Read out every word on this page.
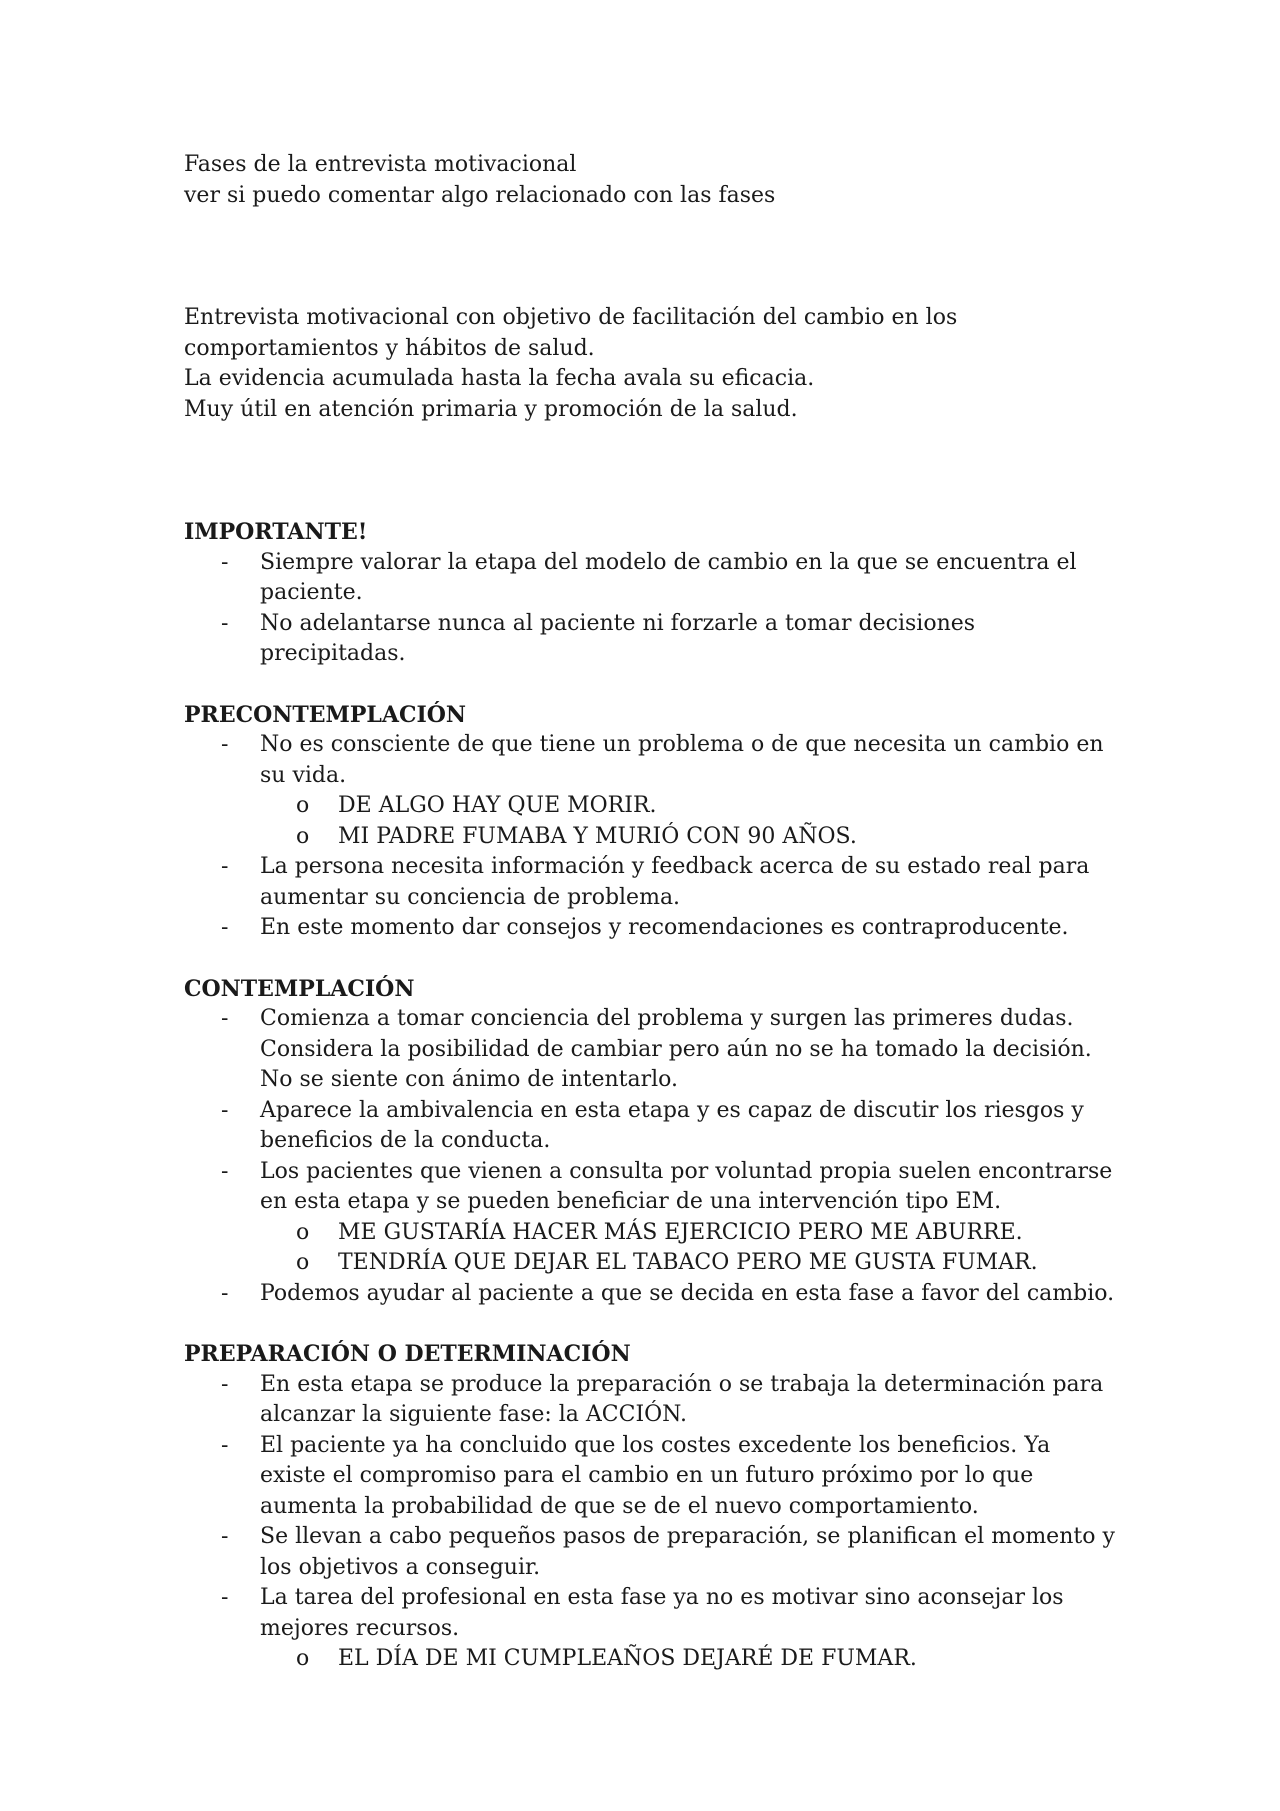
Fases de la entrevista motivacional
ver si puedo comentar algo relacionado con las fases
Entrevista motivacional con objetivo de facilitación del cambio en los
comportamientos y hábitos de salud.
La evidencia acumulada hasta la fecha avala su eficacia.
Muy útil en atención primaria y promoción de la salud.
IMPORTANTE!
- Siempre valorar la etapa del modelo de cambio en la que se encuentra el
paciente.
- No adelantarse nunca al paciente ni forzarle a tomar decisiones
precipitadas.
PRECONTEMPLACIÓN
- No es consciente de que tiene un problema o de que necesita un cambio en
su vida.
o DE ALGO HAY QUE MORIR.
o MI PADRE FUMABA Y MURIÓ CON 90 AÑOS.
- La persona necesita información y feedback acerca de su estado real para
aumentar su conciencia de problema.
- En este momento dar consejos y recomendaciones es contraproducente.
CONTEMPLACIÓN
- Comienza a tomar conciencia del problema y surgen las primeres dudas.
Considera la posibilidad de cambiar pero aún no se ha tomado la decisión.
No se siente con ánimo de intentarlo.
- Aparece la ambivalencia en esta etapa y es capaz de discutir los riesgos y
beneficios de la conducta.
- Los pacientes que vienen a consulta por voluntad propia suelen encontrarse
en esta etapa y se pueden beneficiar de una intervención tipo EM.
o ME GUSTARÍA HACER MÁS EJERCICIO PERO ME ABURRE.
o TENDRÍA QUE DEJAR EL TABACO PERO ME GUSTA FUMAR.
- Podemos ayudar al paciente a que se decida en esta fase a favor del cambio.
PREPARACIÓN O DETERMINACIÓN
- En esta etapa se produce la preparación o se trabaja la determinación para
alcanzar la siguiente fase: la ACCIÓN.
- El paciente ya ha concluido que los costes excedente los beneficios. Ya
existe el compromiso para el cambio en un futuro próximo por lo que
aumenta la probabilidad de que se de el nuevo comportamiento.
- Se llevan a cabo pequeños pasos de preparación, se planifican el momento y
los objetivos a conseguir.
- La tarea del profesional en esta fase ya no es motivar sino aconsejar los
mejores recursos.
o EL DÍA DE MI CUMPLEAÑOS DEJARÉ DE FUMAR.
